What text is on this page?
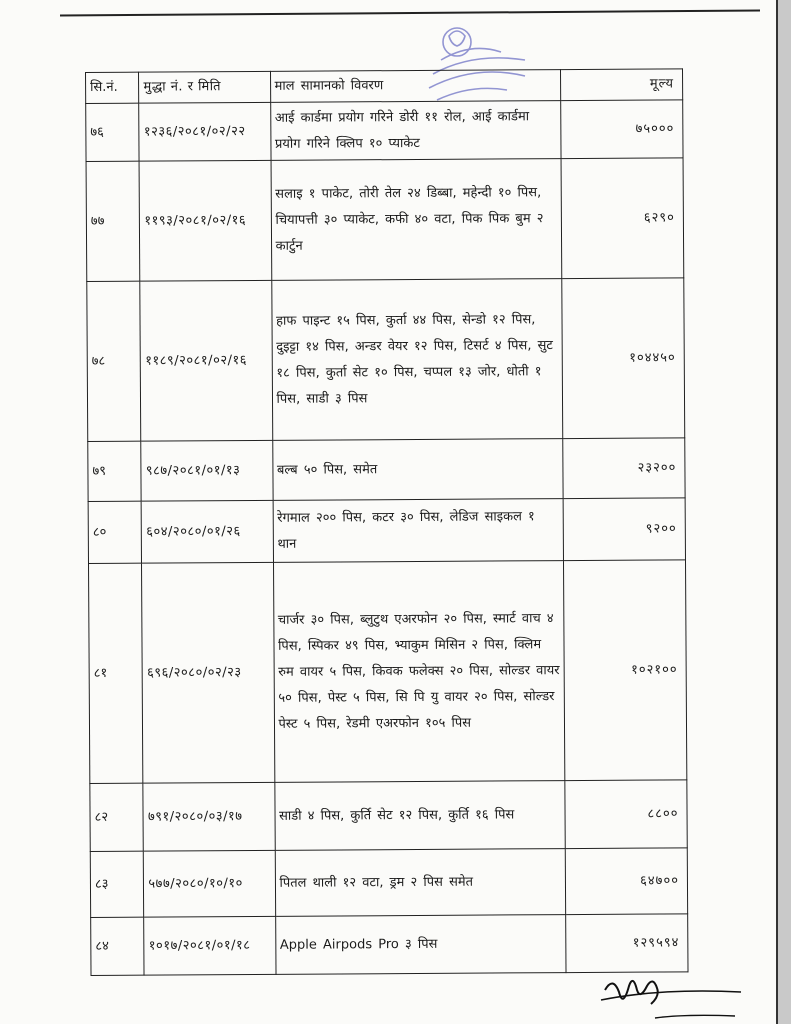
सि.नं.	मुद्धा नं. र मिति	माल सामानको विवरण	मूल्य
७६	१२३६/२०८१/०२/२२	आई कार्डमा प्रयोग गरिने डोरी ११ रोल, आई कार्डमा प्रयोग गरिने क्लिप १० प्याकेट	७५०००
७७	११९३/२०८१/०२/१६	सलाइ १ पाकेट, तोरी तेल २४ डिब्बा, महेन्दी १० पिस, चियापत्ती ३० प्याकेट, कफी ४० वटा, पिक पिक बुम २ कार्टुन	६२९०
७८	११८९/२०८१/०२/१६	हाफ पाइन्ट १५ पिस, कुर्ता ४४ पिस, सेन्डो १२ पिस, दुइट्टा १४ पिस, अन्डर वेयर १२ पिस, टिसर्ट ४ पिस, सुट १८ पिस, कुर्ता सेट १० पिस, चप्पल १३ जोर, धोती १ पिस, साडी ३ पिस	१०४४५०
७९	९८७/२०८१/०१/१३	बल्ब ५० पिस, समेत	२३२००
८०	६०४/२०८०/०१/२६	रेगमाल २०० पिस, कटर ३० पिस, लेडिज साइकल १ थान	९२००
८१	६९६/२०८०/०२/२३	चार्जर ३० पिस, ब्लुटुथ एअरफोन २० पिस, स्मार्ट वाच ४ पिस, स्पिकर ४९ पिस, भ्याकुम मिसिन २ पिस, क्लिम रुम वायर ५ पिस, किवक फलेक्स २० पिस, सोल्डर वायर ५० पिस, पेस्ट ५ पिस, सि पि यु वायर २० पिस, सोल्डर पेस्ट ५ पिस, रेडमी एअरफोन १०५ पिस	१०२१००
८२	७९१/२०८०/०३/१७	साडी ४ पिस, कुर्ति सेट १२ पिस, कुर्ति १६ पिस	८८००
८३	५७७/२०८०/१०/१०	पितल थाली १२ वटा, ड्रम २ पिस समेत	६४७००
८४	१०१७/२०८१/०१/१८	Apple Airpods Pro ३ पिस	१२९५९४
